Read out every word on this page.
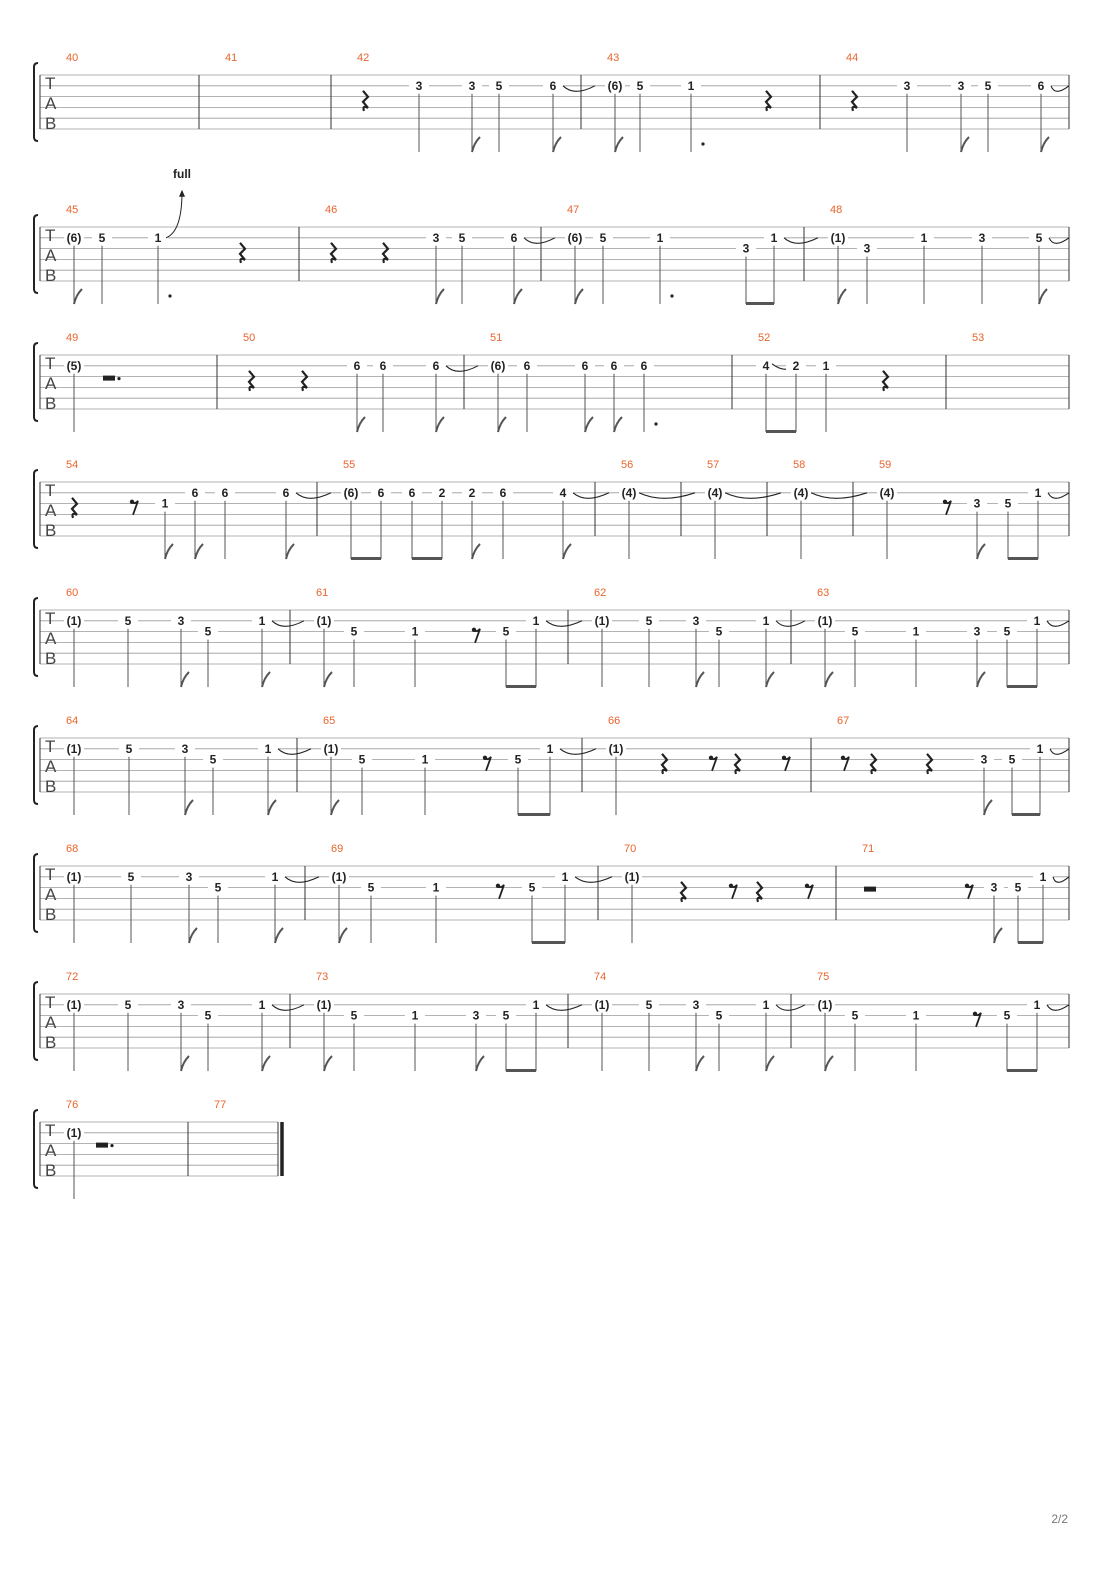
T
A
B
40	41	42
3	3 5	6
43
(6) 5	1
44
3	3 5	6
T
A
B
45
(6) 5	1
full
46
3 5	6
47
(6) 5	1
3
1
48
(1)
3
1	3	5
T
A
B
49
(5)
50
6 6	6
51
(6) 6	6 6 6
52
4 2 1
53
T
A
B
54
1
6 6	6
55
(6) 6 6 2 2 6	4
56
(4)
57
(4)
58
(4)
59
(4)
3 5
1
T
A
B
60
(1)	5	3
5
1
61
(1)
5	1	5
1
62
(1)	5	3
5
1
63
(1)
5	1	3 5
1
T
A
B
64
(1)	5	3
5
1
65
(1)
5	1	5
1
66
(1)
67
3 5
1
T
A
B
68
(1)	5	3
5
1
69
(1)
5	1	5
1
70
(1)
71
3 5
1
T
A
B
72
(1)	5	3
5
1
73
(1)
5	1	3 5
1
74
(1)	5	3
5
1
75
(1)
5	1	5
1
T
A
B
76
(1)
77
2/2
